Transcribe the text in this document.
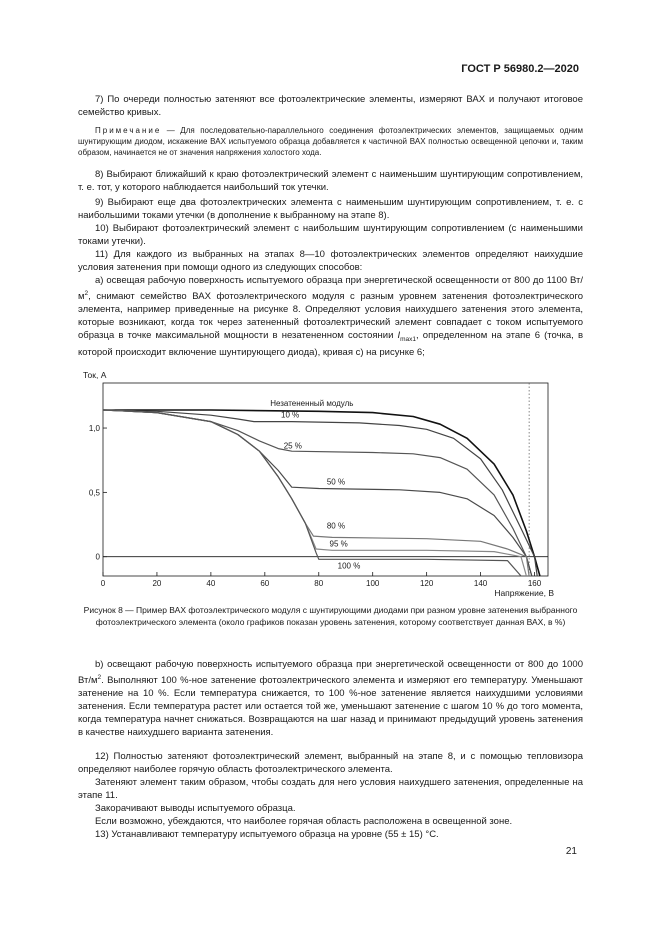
ГОСТ Р 56980.2—2020
7) По очереди полностью затеняют все фотоэлектрические элементы, измеряют ВАХ и получают итоговое семейство кривых.
Примечание — Для последовательно-параллельного соединения фотоэлектрических элементов, защищаемых одним шунтирующим диодом, искажение ВАХ испытуемого образца добавляется к частичной ВАХ полностью освещенной цепочки и, таким образом, начинается не от значения напряжения холостого хода.
8) Выбирают ближайший к краю фотоэлектрический элемент с наименьшим шунтирующим сопротивлением, т. е. тот, у которого наблюдается наибольший ток утечки.
9) Выбирают еще два фотоэлектрических элемента с наименьшим шунтирующим сопротивлением, т. е. с наибольшими токами утечки (в дополнение к выбранному на этапе 8).
10) Выбирают фотоэлектрический элемент с наибольшим шунтирующим сопротивлением (с наименьшими токами утечки).
11) Для каждого из выбранных на этапах 8—10 фотоэлектрических элементов определяют наихудшие условия затенения при помощи одного из следующих способов:
а) освещая рабочую поверхность испытуемого образца при энергетической освещенности от 800 до 1100 $Вт/м^2$, снимают семейство ВАХ фотоэлектрического модуля с разным уровнем затенения фотоэлектрического элемента, например приведенные на рисунке 8. Определяют условия наихудшего затенения этого элемента, которые возникают, когда ток через затененный фотоэлектрический элемент совпадает с током испытуемого образца в точке максимальной мощности в незатененном состоянии $I_{max1}$, определенном на этапе 6 (точка, в которой происходит включение шунтирующего диода), кривая с) на рисунке 6;
Ток, А
Напряжение, В
0	20	40	60	80	100	120	140	160
1,0
0,5
0
Незатененный модуль
10 %
25 %
50 %
80 %
95 %
100 %
Рисунок 8 — Пример ВАХ фотоэлектрического модуля с шунтирующими диодами при разном уровне затенения выбранного фотоэлектрического элемента (около графиков показан уровень затенения, которому соответствует данная ВАХ, в %)
b) освещают рабочую поверхность испытуемого образца при энергетической освещенности от 800 до 1000 $Вт/м^2$. Выполняют 100 %-ное затенение фотоэлектрического элемента и измеряют его температуру. Уменьшают затенение на 10 %. Если температура снижается, то 100 %-ное затенение является наихудшими условиями затенения. Если температура растет или остается той же, уменьшают затенение с шагом 10 % до того момента, когда температура начнет снижаться. Возвращаются на шаг назад и принимают предыдущий уровень затенения в качестве наихудшего варианта затенения.
12) Полностью затеняют фотоэлектрический элемент, выбранный на этапе 8, и с помощью тепловизора определяют наиболее горячую область фотоэлектрического элемента.
Затеняют элемент таким образом, чтобы создать для него условия наихудшего затенения, определенные на этапе 11.
Закорачивают выводы испытуемого образца.
Если возможно, убеждаются, что наиболее горячая область расположена в освещенной зоне.
13) Устанавливают температуру испытуемого образца на уровне (55 ± 15) °С.
21
